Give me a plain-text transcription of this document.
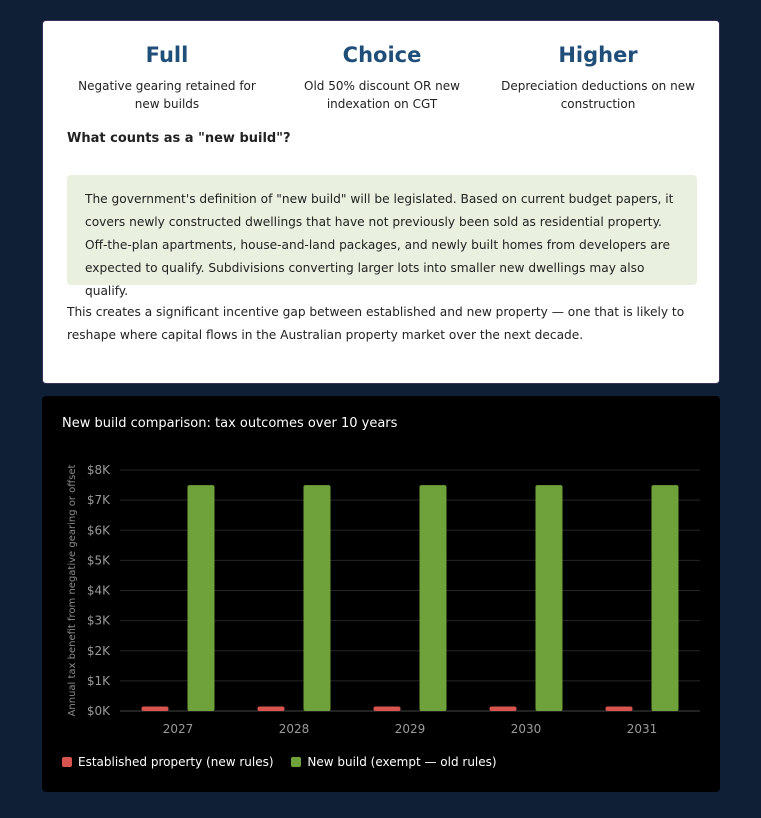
Full
Negative gearing retained for new builds
Choice
Old 50% discount OR new indexation on CGT
Higher
Depreciation deductions on new construction
What counts as a "new build"?
The government's definition of "new build" will be legislated. Based on current budget papers, it covers newly constructed dwellings that have not previously been sold as residential property. Off-the-plan apartments, house-and-land packages, and newly built homes from developers are expected to qualify. Subdivisions converting larger lots into smaller new dwellings may also qualify.
This creates a significant incentive gap between established and new property — one that is likely to reshape where capital flows in the Australian property market over the next decade.
New build comparison: tax outcomes over 10 years
$0K
$1K
$2K
$3K
$4K
$5K
$6K
$7K
$8K
Annual tax benefit from negative gearing or offset
2027	2028	2029	2030	2031
Established property (new rules)	New build (exempt — old rules)
